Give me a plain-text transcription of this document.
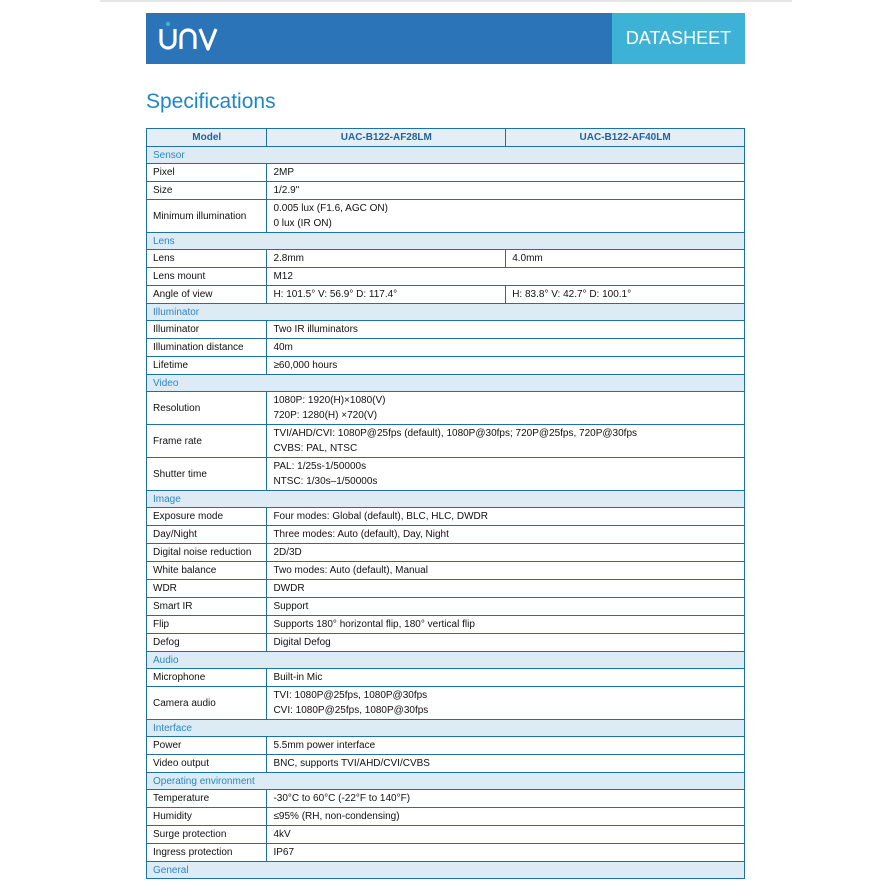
DATASHEET
Specifications
Model	UAC-B122-AF28LM	UAC-B122-AF40LM
Sensor		
Pixel	2MP	
Size	1/2.9"	
Minimum illumination	0.005 lux (F1.6, AGC ON)
0 lux (IR ON)	

Lens		
Lens	2.8mm	4.0mm
Lens mount	M12	
Angle of view	H: 101.5° V: 56.9° D: 117.4°	H: 83.8° V: 42.7° D: 100.1°
Illuminator		
Illuminator	Two IR illuminators	
Illumination distance	40m	
Lifetime	≥60,000 hours	
Video		
Resolution	1080P: 1920(H)×1080(V)
720P: 1280(H) ×720(V)	

Frame rate	TVI/AHD/CVI: 1080P@25fps (default), 1080P@30fps; 720P@25fps, 720P@30fps
CVBS: PAL, NTSC	

Shutter time	PAL: 1/25s-1/50000s
NTSC: 1/30s–1/50000s	

Image		
Exposure mode	Four modes: Global (default), BLC, HLC, DWDR	
Day/Night	Three modes: Auto (default), Day, Night	
Digital noise reduction	2D/3D	
White balance	Two modes: Auto (default), Manual	
WDR	DWDR	
Smart IR	Support	
Flip	Supports 180° horizontal flip, 180° vertical flip	
Defog	Digital Defog	
Audio		
Microphone	Built-in Mic	
Camera audio	TVI: 1080P@25fps, 1080P@30fps
CVI: 1080P@25fps, 1080P@30fps	

Interface		
Power	5.5mm power interface	
Video output	BNC, supports TVI/AHD/CVI/CVBS	
Operating environment		
Temperature	-30°C to 60°C (-22°F to 140°F)	
Humidity	≤95% (RH, non-condensing)	
Surge protection	4kV	
Ingress protection	IP67	
General		
